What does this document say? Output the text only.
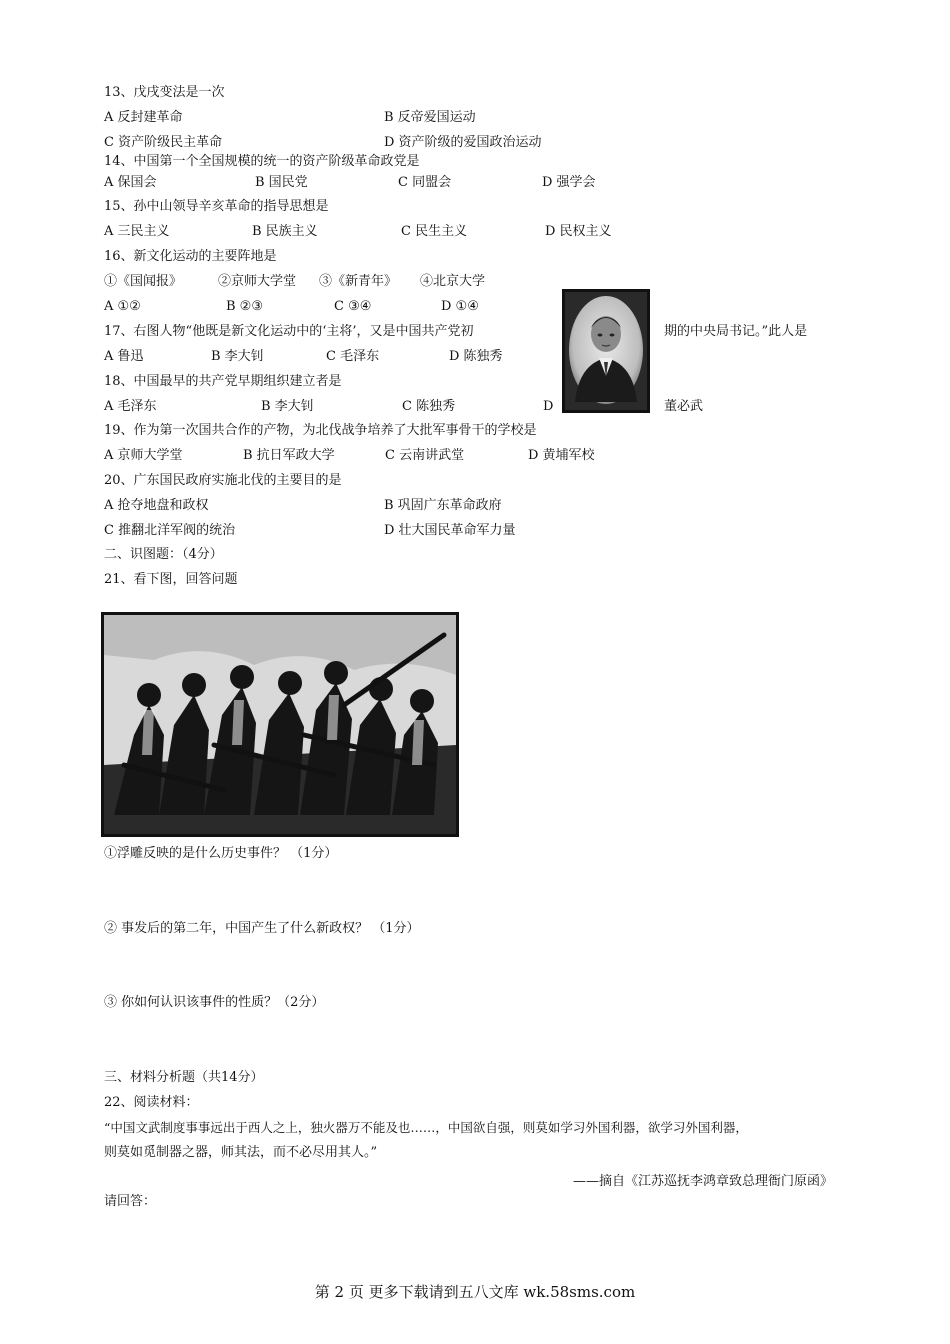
13、戊戌变法是一次
A 反封建革命	B 反帝爱国运动
C 资产阶级民主革命	D 资产阶级的爱国政治运动
14、中国第一个全国规模的统一的资产阶级革命政党是
A 保国会	B 国民党	C 同盟会	D 强学会
15、孙中山领导辛亥革命的指导思想是
A 三民主义	B 民族主义	C 民生主义	D 民权主义
16、新文化运动的主要阵地是
①《国闻报》	②京师大学堂 ③《新青年》 ④北京大学
A ①②	B ②③	C ③④	D ①④
17、右图人物“他既是新文化运动中的‘主将’，又是中国共产党初	期的中央局书记。”此人是
A 鲁迅	B 李大钊	C 毛泽东	D 陈独秀
18、中国最早的共产党早期组织建立者是
A 毛泽东	B 李大钊	C 陈独秀	D	董必武
19、作为第一次国共合作的产物，为北伐战争培养了大批军事骨干的学校是
A 京师大学堂	B 抗日军政大学	C 云南讲武堂	D 黄埔军校
20、广东国民政府实施北伐的主要目的是
A 抢夺地盘和政权	B 巩固广东革命政府
C 推翻北洋军阀的统治	D 壮大国民革命军力量
二、识图题：（4分）
21、看下图，回答问题
①浮雕反映的是什么历史事件？ （1分）
② 事发后的第二年，中国产生了什么新政权？ （1分）
③ 你如何认识该事件的性质？（2分）
三、材料分析题（共14分）
22、阅读材料：
“中国文武制度事事远出于西人之上，独火器万不能及也……，中国欲自强，则莫如学习外国利器，欲学习外国利器，
则莫如觅制器之器，师其法，而不必尽用其人。”
——摘自《江苏巡抚李鸿章致总理衙门原函》
请回答：
第 2 页 更多下载请到五八文库 wk.58sms.com
